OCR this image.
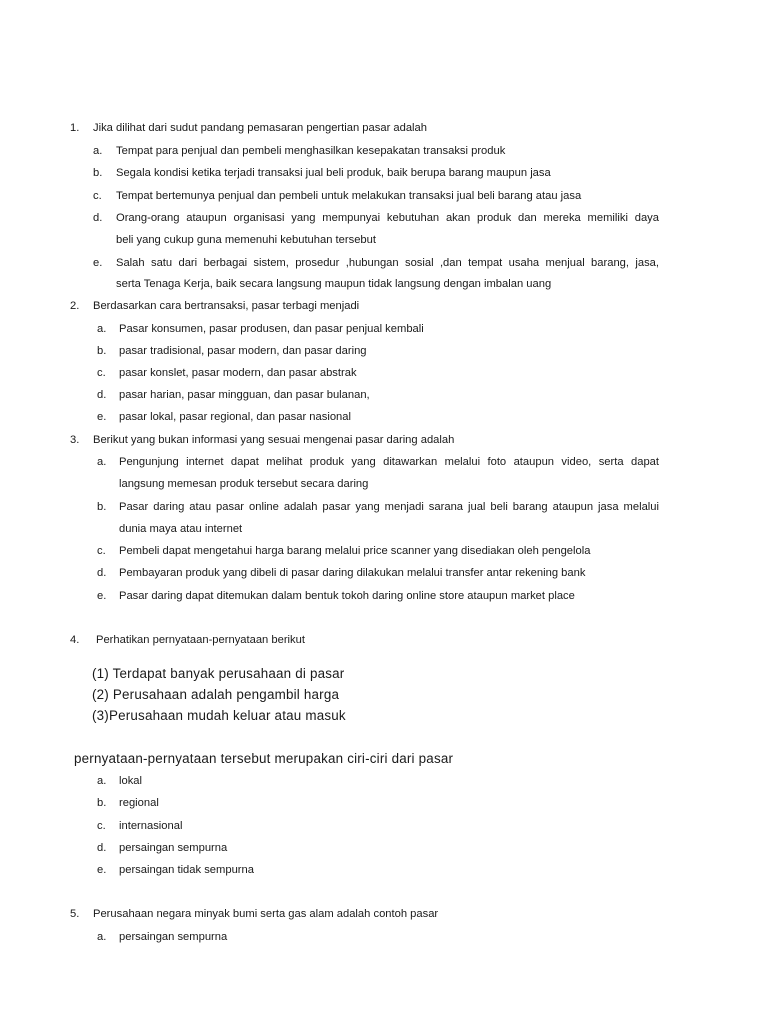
1. Jika dilihat dari sudut pandang pemasaran pengertian pasar adalah
a. Tempat para penjual dan pembeli menghasilkan kesepakatan transaksi produk
b. Segala kondisi ketika terjadi transaksi jual beli produk, baik berupa barang maupun jasa
c. Tempat bertemunya penjual dan pembeli untuk melakukan transaksi jual beli barang atau jasa
d. Orang-orang ataupun organisasi yang mempunyai kebutuhan akan produk dan mereka memiliki daya
beli yang cukup guna memenuhi kebutuhan tersebut
e. Salah satu dari berbagai sistem, prosedur ,hubungan sosial ,dan tempat usaha menjual barang, jasa,
serta Tenaga Kerja, baik secara langsung maupun tidak langsung dengan imbalan uang
2. Berdasarkan cara bertransaksi, pasar terbagi menjadi
a. Pasar konsumen, pasar produsen, dan pasar penjual kembali
b. pasar tradisional, pasar modern, dan pasar daring
c. pasar konslet, pasar modern, dan pasar abstrak
d. pasar harian, pasar mingguan, dan pasar bulanan,
e. pasar lokal, pasar regional, dan pasar nasional
3. Berikut yang bukan informasi yang sesuai mengenai pasar daring adalah
a. Pengunjung internet dapat melihat produk yang ditawarkan melalui foto ataupun video, serta dapat
langsung memesan produk tersebut secara daring
b. Pasar daring atau pasar online adalah pasar yang menjadi sarana jual beli barang ataupun jasa melalui
dunia maya atau internet
c. Pembeli dapat mengetahui harga barang melalui price scanner yang disediakan oleh pengelola
d. Pembayaran produk yang dibeli di pasar daring dilakukan melalui transfer antar rekening bank
e. Pasar daring dapat ditemukan dalam bentuk tokoh daring online store ataupun market place
4. Perhatikan pernyataan-pernyataan berikut
(1) Terdapat banyak perusahaan di pasar
(2) Perusahaan adalah pengambil harga
(3)Perusahaan mudah keluar atau masuk
pernyataan-pernyataan tersebut merupakan ciri-ciri dari pasar
a. lokal
b. regional
c. internasional
d. persaingan sempurna
e. persaingan tidak sempurna
5. Perusahaan negara minyak bumi serta gas alam adalah contoh pasar
a. persaingan sempurna
